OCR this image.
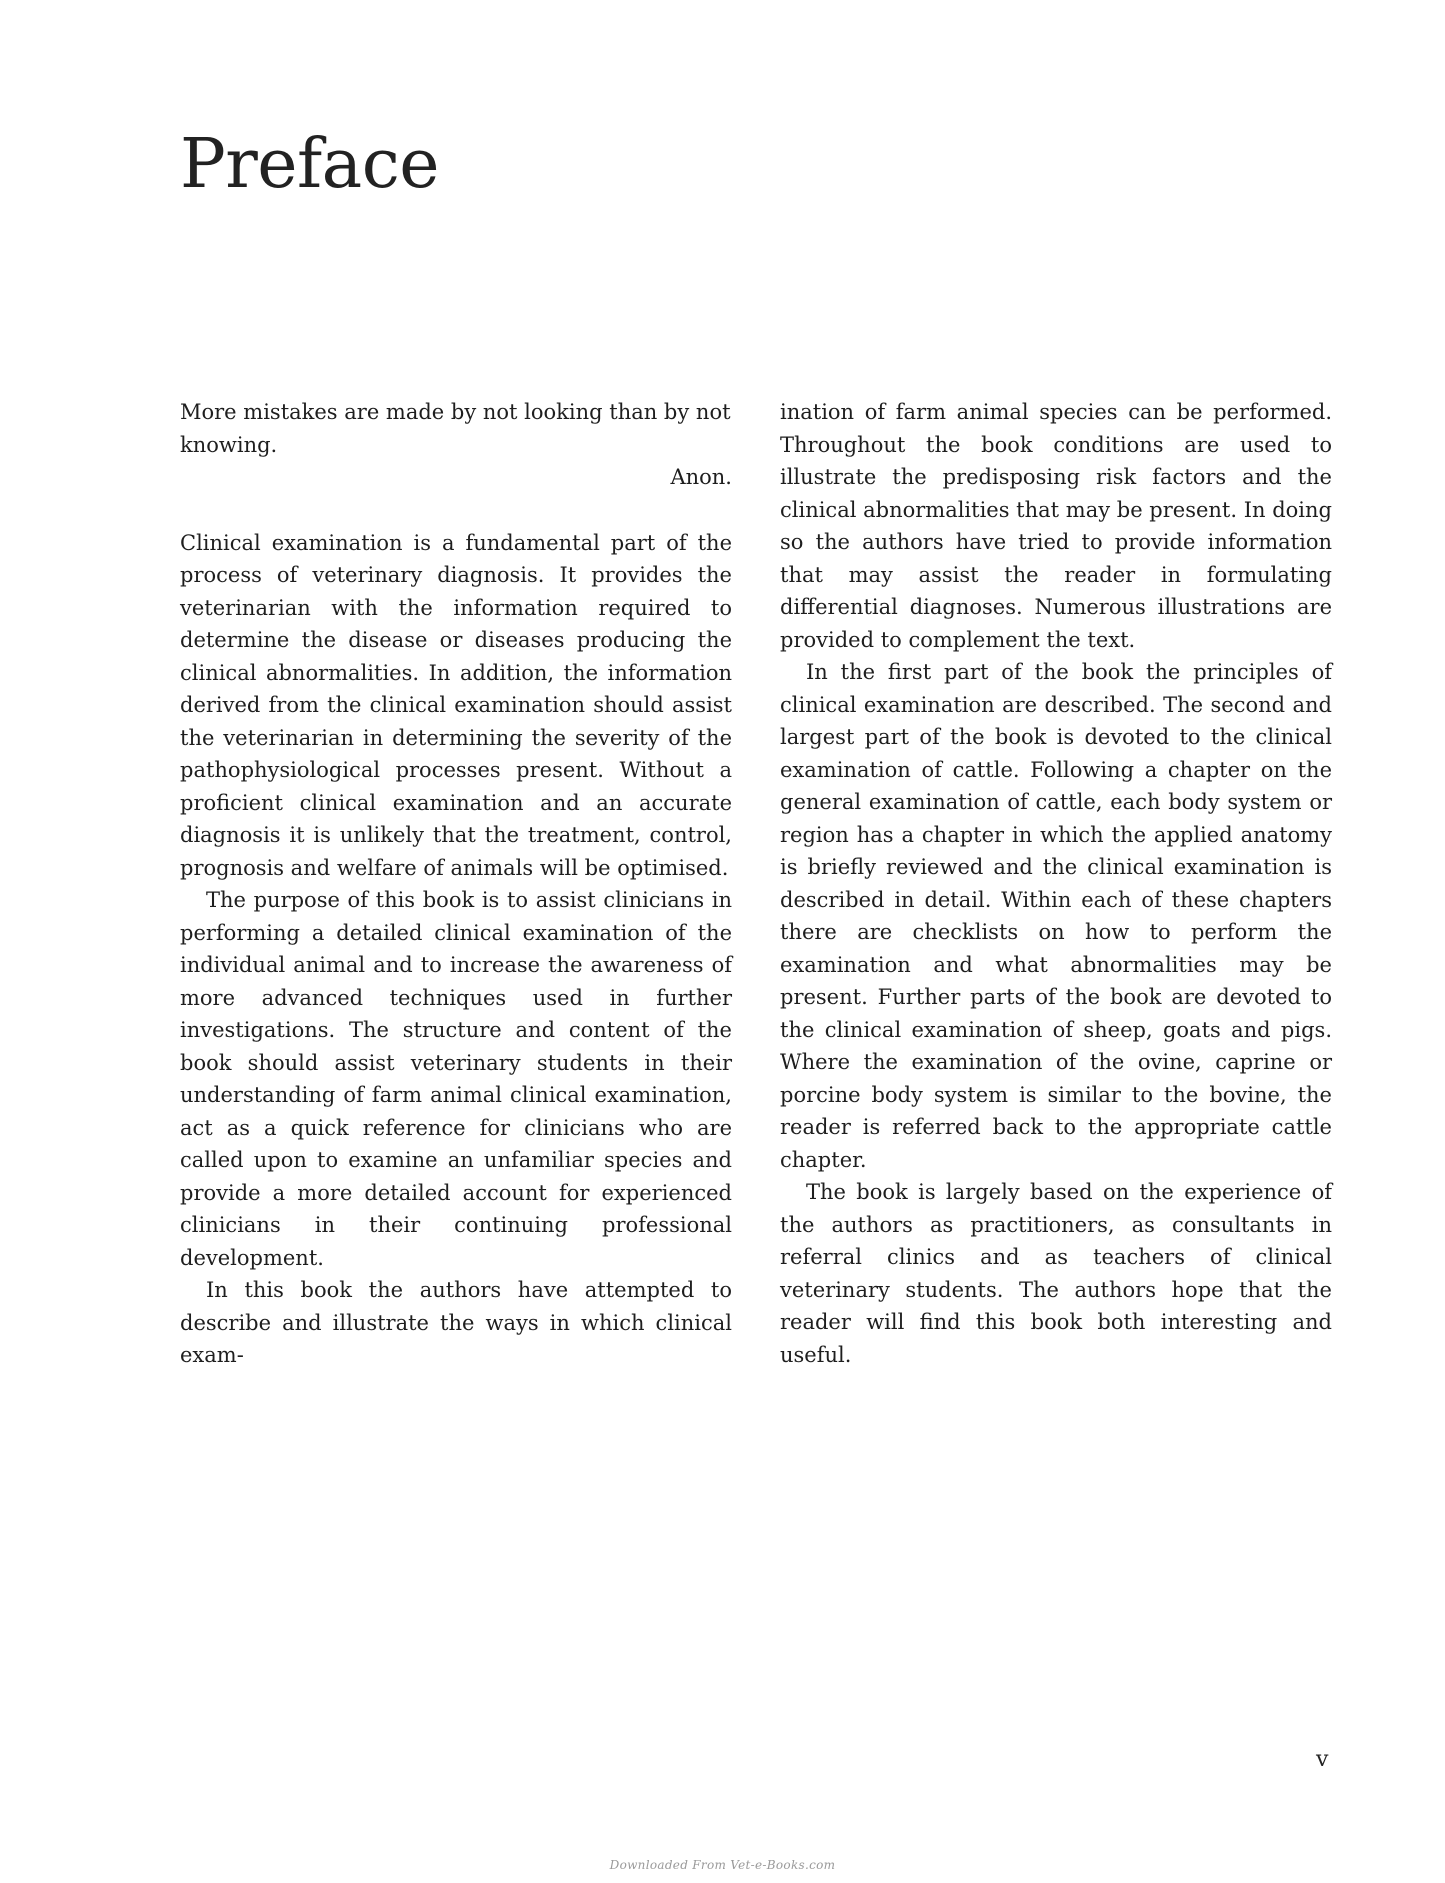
Preface

More mistakes are made by not looking than by not knowing.

Anon.

Clinical examination is a fundamental part of the process of veterinary diagnosis. It provides the veterinarian with the information required to determine the disease or diseases producing the clinical abnormalities. In addition, the information derived from the clinical examination should assist the veterinarian in determining the severity of the pathophysiological processes present. Without a proficient clinical examination and an accurate diagnosis it is unlikely that the treatment, control, prognosis and welfare of animals will be optimised.

The purpose of this book is to assist clinicians in performing a detailed clinical examination of the individual animal and to increase the awareness of more advanced techniques used in further investigations. The structure and content of the book should assist veterinary students in their understanding of farm animal clinical examination, act as a quick reference for clinicians who are called upon to examine an unfamiliar species and provide a more detailed account for experienced clinicians in their continuing professional development.

In this book the authors have attempted to describe and illustrate the ways in which clinical exam-

ination of farm animal species can be performed. Throughout the book conditions are used to illustrate the predisposing risk factors and the clinical abnormalities that may be present. In doing so the authors have tried to provide information that may assist the reader in formulating differential diagnoses. Numerous illustrations are provided to complement the text.

In the first part of the book the principles of clinical examination are described. The second and largest part of the book is devoted to the clinical examination of cattle. Following a chapter on the general examination of cattle, each body system or region has a chapter in which the applied anatomy is briefly reviewed and the clinical examination is described in detail. Within each of these chapters there are checklists on how to perform the examination and what abnormalities may be present. Further parts of the book are devoted to the clinical examination of sheep, goats and pigs. Where the examination of the ovine, caprine or porcine body system is similar to the bovine, the reader is referred back to the appropriate cattle chapter.

The book is largely based on the experience of the authors as practitioners, as consultants in referral clinics and as teachers of clinical veterinary students. The authors hope that the reader will find this book both interesting and useful.

v
Downloaded From Vet-e-Books.com
